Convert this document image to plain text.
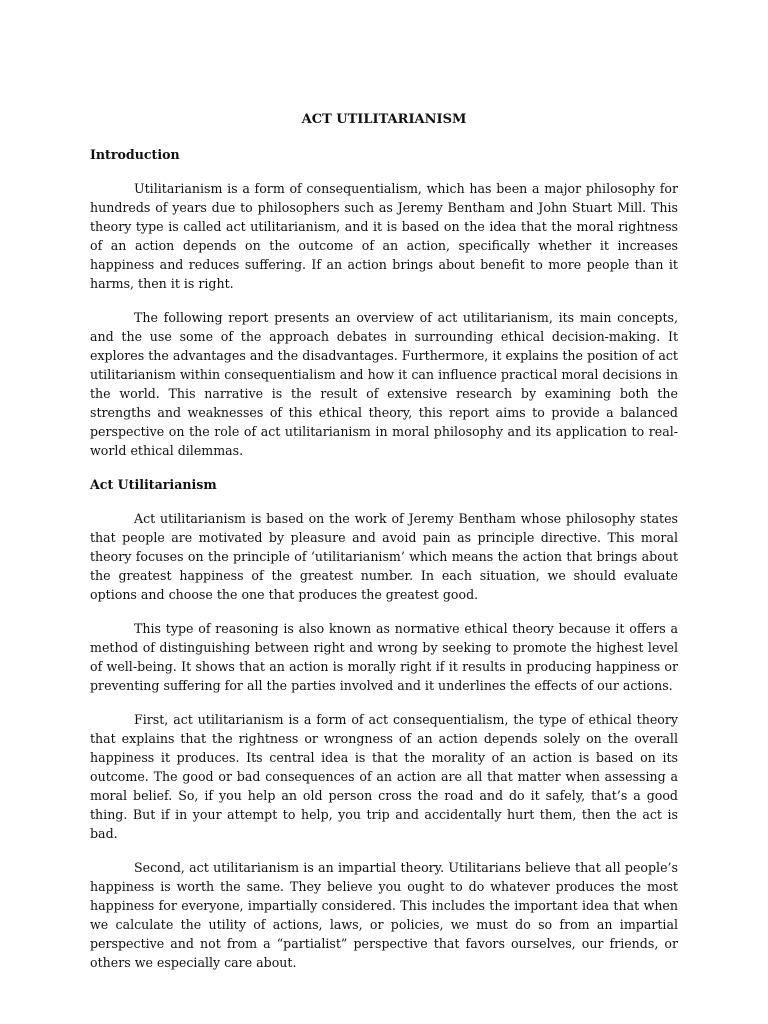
ACT UTILITARIANISM
Introduction

Utilitarianism is a form of consequentialism, which has been a major philosophy for hundreds of years due to philosophers such as Jeremy Bentham and John Stuart Mill. This theory type is called act utilitarianism, and it is based on the idea that the moral rightness of an action depends on the outcome of an action, specifically whether it increases happiness and reduces suffering. If an action brings about benefit to more people than it harms, then it is right.

The following report presents an overview of act utilitarianism, its main concepts, and the use some of the approach debates in surrounding ethical decision-making. It explores the advantages and the disadvantages. Furthermore, it explains the position of act utilitarianism within consequentialism and how it can influence practical moral decisions in the world. This narrative is the result of extensive research by examining both the strengths and weaknesses of this ethical theory, this report aims to provide a balanced perspective on the role of act utilitarianism in moral philosophy and its application to real-world ethical dilemmas.

Act Utilitarianism

Act utilitarianism is based on the work of Jeremy Bentham whose philosophy states that people are motivated by pleasure and avoid pain as principle directive. This moral theory focuses on the principle of ‘utilitarianism’ which means the action that brings about the greatest happiness of the greatest number. In each situation, we should evaluate options and choose the one that produces the greatest good.

This type of reasoning is also known as normative ethical theory because it offers a method of distinguishing between right and wrong by seeking to promote the highest level of well-being. It shows that an action is morally right if it results in producing happiness or preventing suffering for all the parties involved and it underlines the effects of our actions.

First, act utilitarianism is a form of act consequentialism, the type of ethical theory that explains that the rightness or wrongness of an action depends solely on the overall happiness it produces. Its central idea is that the morality of an action is based on its outcome. The good or bad consequences of an action are all that matter when assessing a moral belief. So, if you help an old person cross the road and do it safely, that’s a good thing. But if in your attempt to help, you trip and accidentally hurt them, then the act is bad.

Second, act utilitarianism is an impartial theory. Utilitarians believe that all people’s happiness is worth the same. They believe you ought to do whatever produces the most happiness for everyone, impartially considered. This includes the important idea that when we calculate the utility of actions, laws, or policies, we must do so from an impartial perspective and not from a “partialist” perspective that favors ourselves, our friends, or others we especially care about.
